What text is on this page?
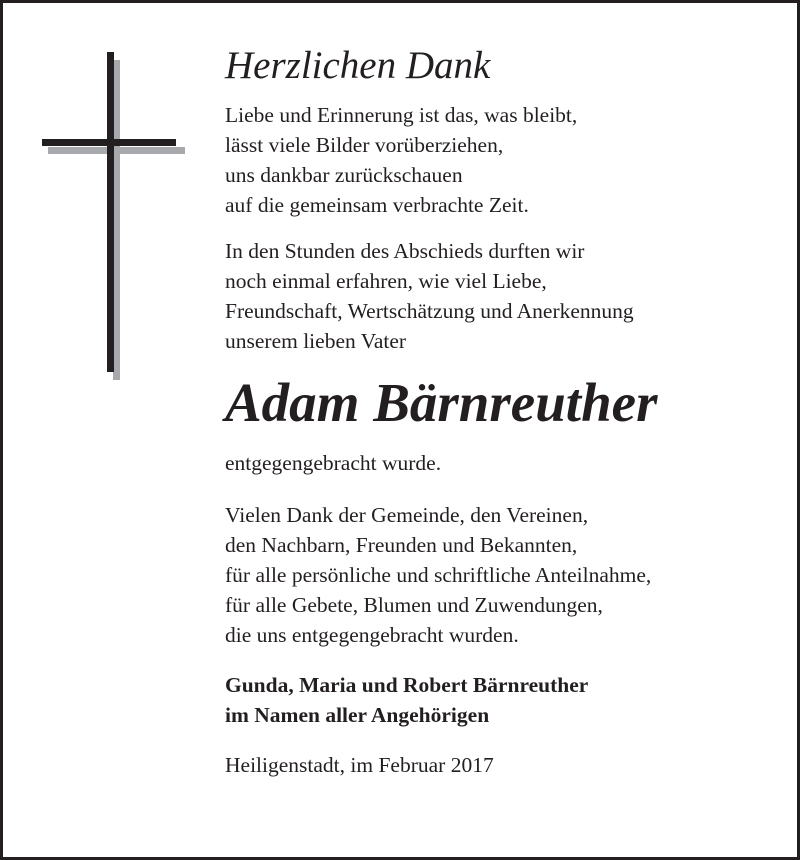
Herzlichen Dank
Liebe und Erinnerung ist das, was bleibt,
lässt viele Bilder vorüberziehen,
uns dankbar zurückschauen
auf die gemeinsam verbrachte Zeit.
In den Stunden des Abschieds durften wir
noch einmal erfahren, wie viel Liebe,
Freundschaft, Wertschätzung und Anerkennung
unserem lieben Vater
Adam Bärnreuther
entgegengebracht wurde.
Vielen Dank der Gemeinde, den Vereinen,
den Nachbarn, Freunden und Bekannten,
für alle persönliche und schriftliche Anteilnahme,
für alle Gebete, Blumen und Zuwendungen,
die uns entgegengebracht wurden.
Gunda, Maria und Robert Bärnreuther
im Namen aller Angehörigen
Heiligenstadt, im Februar 2017
